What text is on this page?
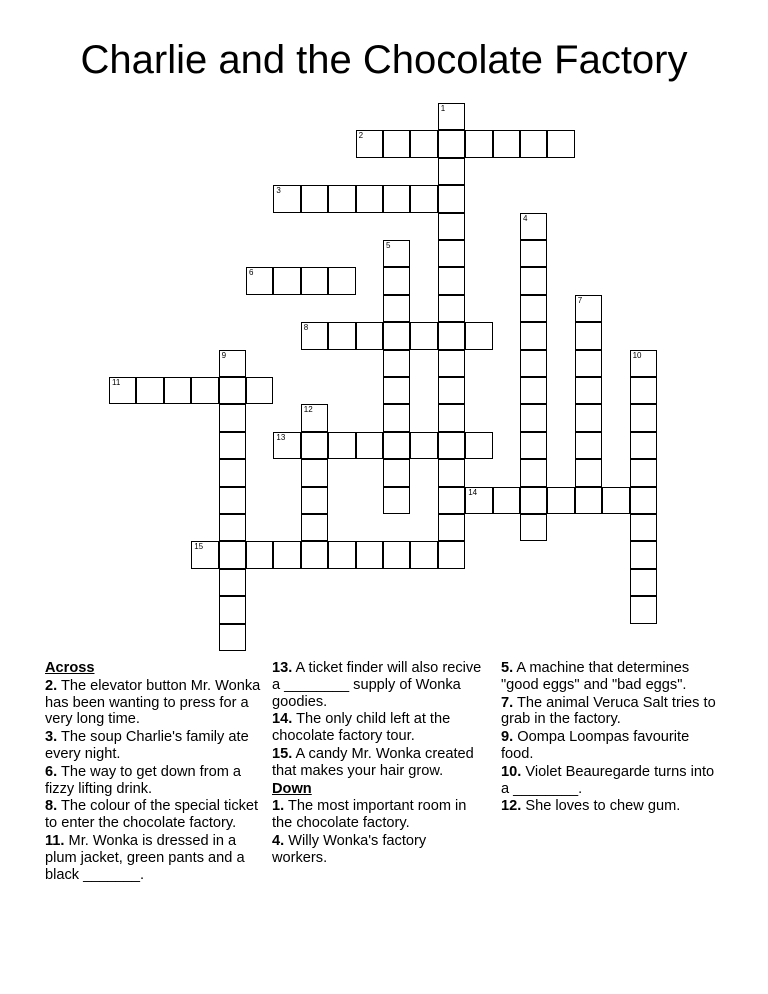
Charlie and the Chocolate Factory
1
2
3
4
5
6
7
8
9	10
11
12
13
14
15

Across

2. The elevator button Mr. Wonka has been wanting to press for a very long time.

3. The soup Charlie's family ate every night.

6. The way to get down from a fizzy lifting drink.

8. The colour of the special ticket to enter the chocolate factory.

11. Mr. Wonka is dressed in a plum jacket, green pants and a black _______.

13. A ticket finder will also recive a ________ supply of Wonka goodies.

14. The only child left at the chocolate factory tour.

15. A candy Mr. Wonka created that makes your hair grow.

Down

1. The most important room in the chocolate factory.

4. Willy Wonka's factory workers.

5. A machine that determines "good eggs" and "bad eggs".

7. The animal Veruca Salt tries to grab in the factory.

9. Oompa Loompas favourite food.

10. Violet Beauregarde turns into a ________.

12. She loves to chew gum.
